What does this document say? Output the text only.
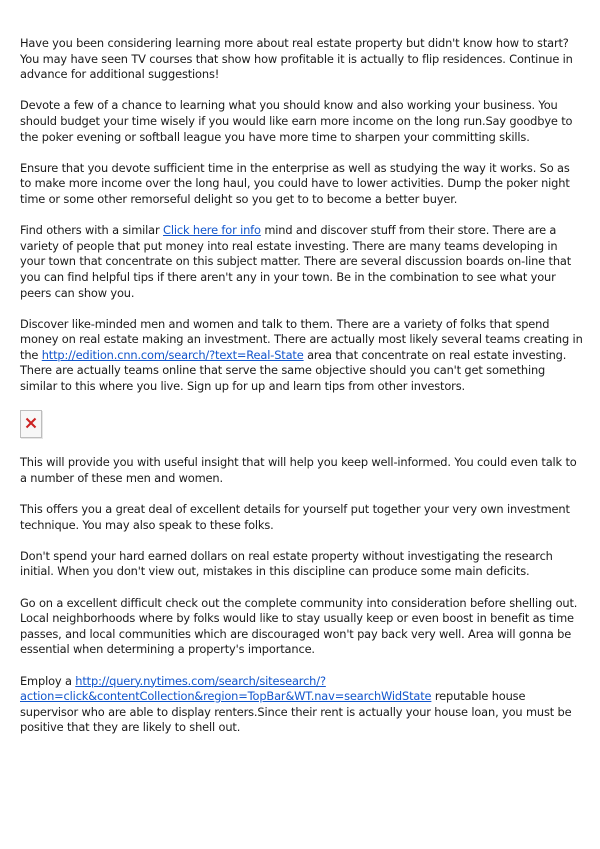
Have you been considering learning more about real estate property but didn't know how to start? You may have seen TV courses that show how profitable it is actually to flip residences. Continue in advance for additional suggestions!

Devote a few of a chance to learning what you should know and also working your business. You should budget your time wisely if you would like earn more income on the long run.Say goodbye to the poker evening or softball league you have more time to sharpen your committing skills.

Ensure that you devote sufficient time in the enterprise as well as studying the way it works. So as to make more income over the long haul, you could have to lower activities. Dump the poker night time or some other remorseful delight so you get to to become a better buyer.

Find others with a similar Click here for info mind and discover stuff from their store. There are a variety of people that put money into real estate investing. There are many teams developing in your town that concentrate on this subject matter. There are several discussion boards on-line that you can find helpful tips if there aren't any in your town. Be in the combination to see what your peers can show you.

Discover like-minded men and women and talk to them. There are a variety of folks that spend money on real estate making an investment. There are actually most likely several teams creating in the http://edition.cnn.com/search/?text=Real-State area that concentrate on real estate investing. There are actually teams online that serve the same objective should you can't get something similar to this where you live. Sign up for up and learn tips from other investors.

This will provide you with useful insight that will help you keep well-informed. You could even talk to a number of these men and women.

This offers you a great deal of excellent details for yourself put together your very own investment technique. You may also speak to these folks.

Don't spend your hard earned dollars on real estate property without investigating the research initial. When you don't view out, mistakes in this discipline can produce some main deficits.

Go on a excellent difficult check out the complete community into consideration before shelling out. Local neighborhoods where by folks would like to stay usually keep or even boost in benefit as time passes, and local communities which are discouraged won't pay back very well. Area will gonna be essential when determining a property's importance.

Employ a http://query.nytimes.com/search/sitesearch/?action=click&contentCollection&region=TopBar&WT.nav=searchWidState reputable house supervisor who are able to display renters.Since their rent is actually your house loan, you must be positive that they are likely to shell out.
